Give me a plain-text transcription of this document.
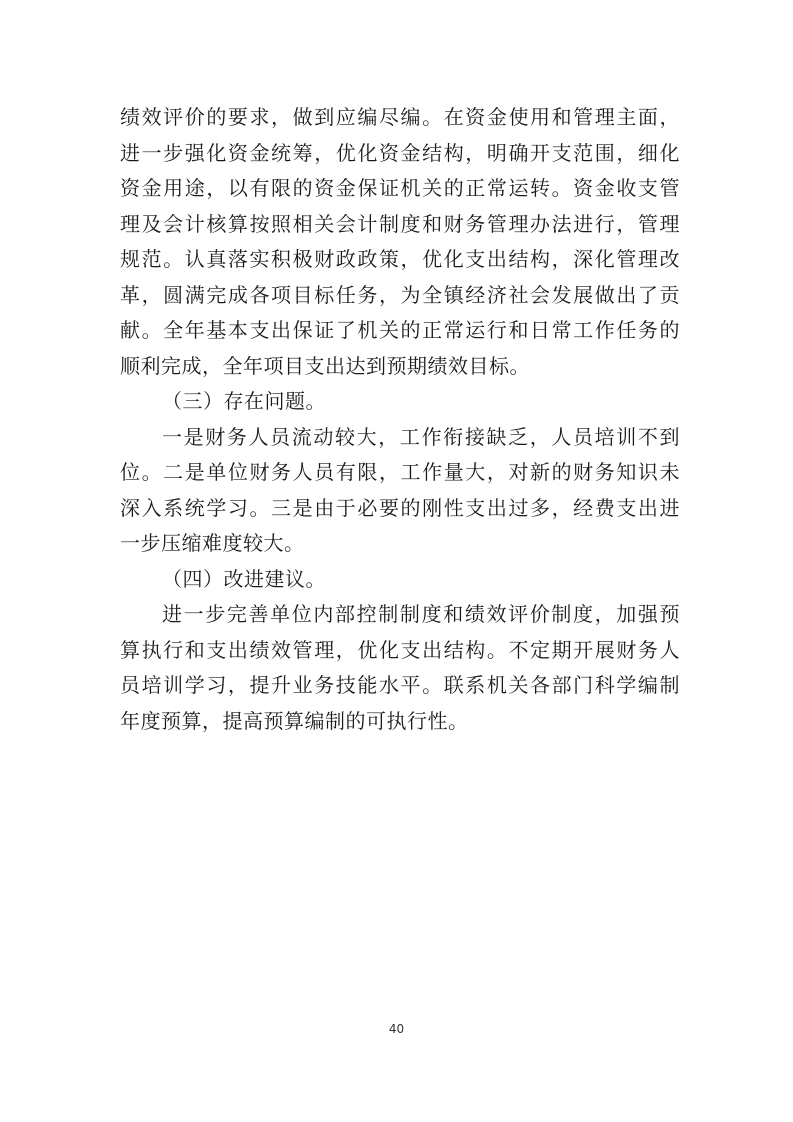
绩效评价的要求，做到应编尽编。在资金使用和管理主面，
进一步强化资金统筹，优化资金结构，明确开支范围，细化
资金用途，以有限的资金保证机关的正常运转。资金收支管
理及会计核算按照相关会计制度和财务管理办法进行，管理
规范。认真落实积极财政政策，优化支出结构，深化管理改
革，圆满完成各项目标任务，为全镇经济社会发展做出了贡
献。全年基本支出保证了机关的正常运行和日常工作任务的
顺利完成，全年项目支出达到预期绩效目标。
（三）存在问题。
一是财务人员流动较大，工作衔接缺乏，人员培训不到
位。二是单位财务人员有限，工作量大，对新的财务知识未
深入系统学习。三是由于必要的刚性支出过多，经费支出进
一步压缩难度较大。
（四）改进建议。
进一步完善单位内部控制制度和绩效评价制度，加强预
算执行和支出绩效管理，优化支出结构。不定期开展财务人
员培训学习，提升业务技能水平。联系机关各部门科学编制
年度预算，提高预算编制的可执行性。
40
